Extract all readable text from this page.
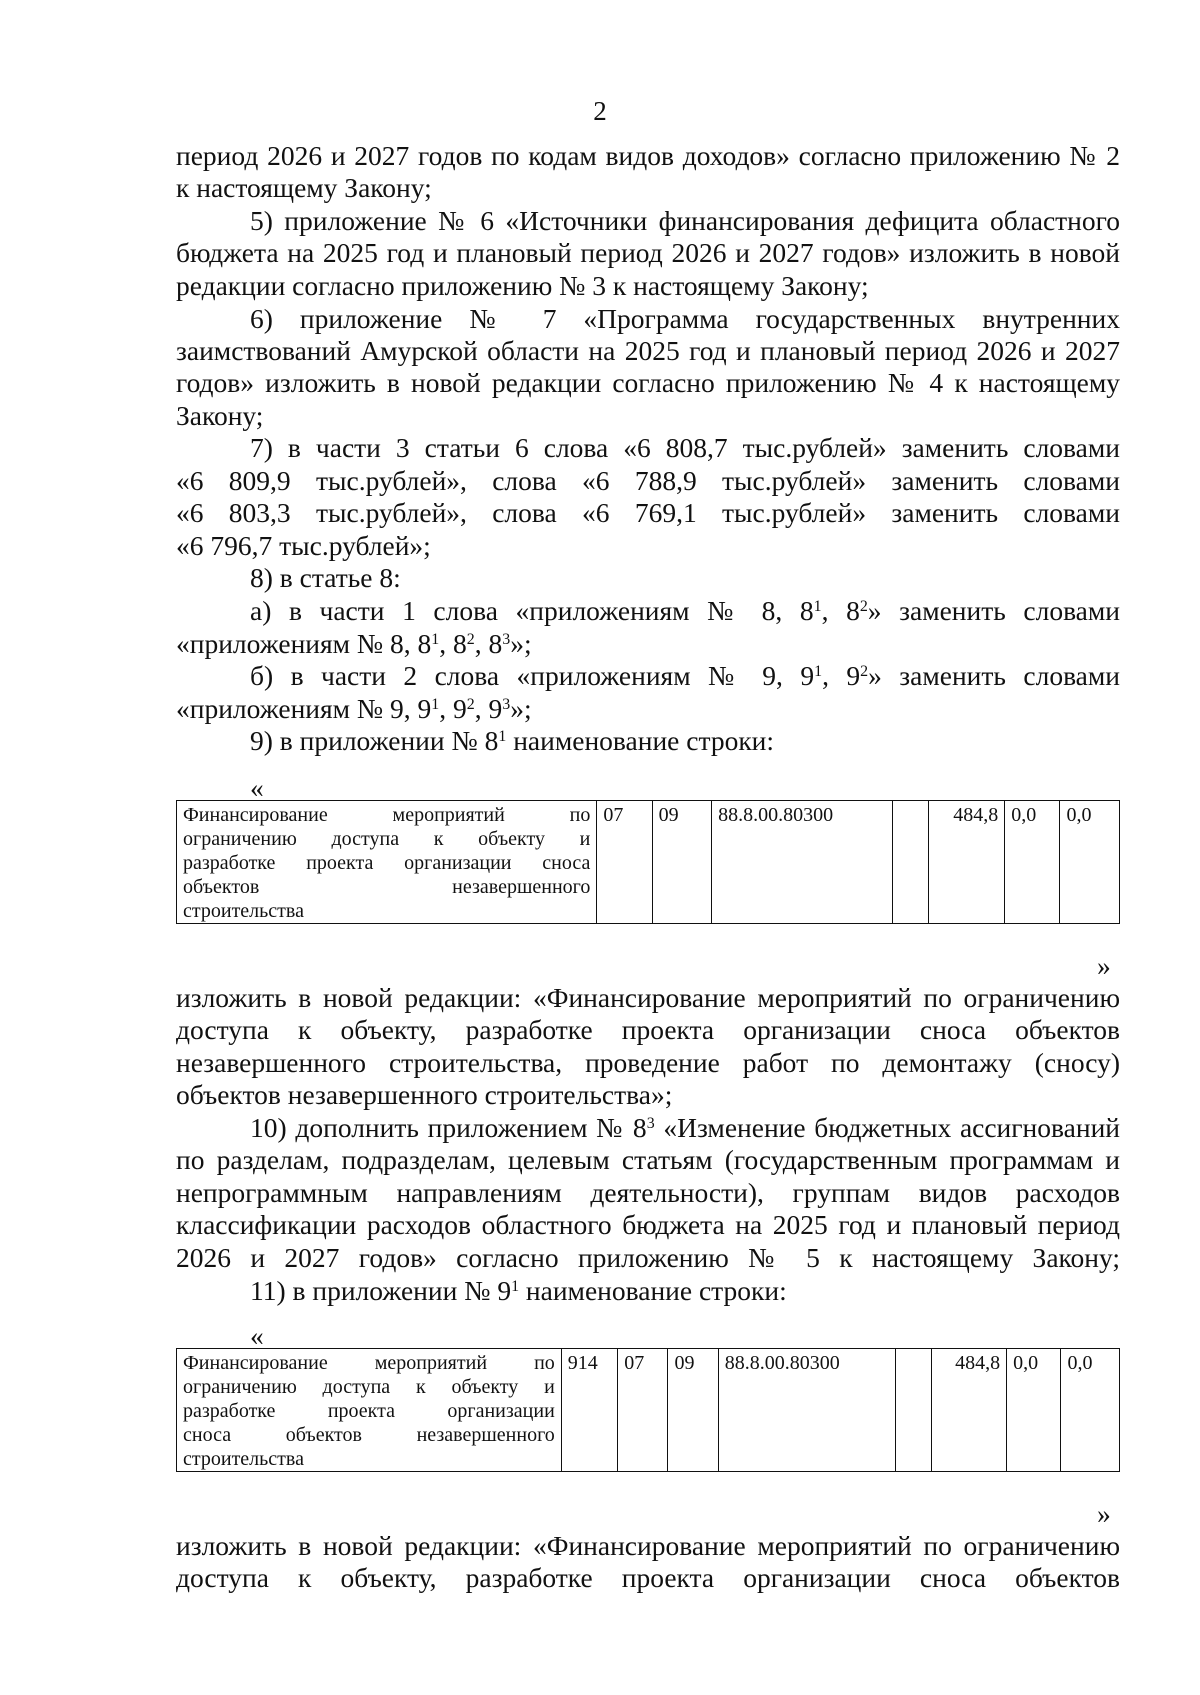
2
период 2026 и 2027 годов по кодам видов доходов» согласно приложению № 2
к настоящему Закону;
5) приложение № 6 «Источники финансирования дефицита областного
бюджета на 2025 год и плановый период 2026 и 2027 годов» изложить в новой
редакции согласно приложению № 3 к настоящему Закону;
6) приложение № 7 «Программа государственных внутренних
заимствований Амурской области на 2025 год и плановый период 2026 и 2027
годов» изложить в новой редакции согласно приложению № 4 к настоящему
Закону;
7) в части 3 статьи 6 слова «6 808,7 тыс.рублей» заменить словами
«6 809,9 тыс.рублей», слова «6 788,9 тыс.рублей» заменить словами
«6 803,3 тыс.рублей», слова «6 769,1 тыс.рублей» заменить словами
«6 796,7 тыс.рублей»;
8) в статье 8:
а) в части 1 слова «приложениям № 8, $8^1$, $8^2$» заменить словами
«приложениям № 8, $8^1$, $8^2$, $8^3$»;
б) в части 2 слова «приложениям № 9, $9^1$, $9^2$» заменить словами
«приложениям № 9, $9^1$, $9^2$, $9^3$»;
9) в приложении № $8^1$ наименование строки:
«
Финансирование мероприятий по
ограничению доступа к объекту и
разработке проекта организации сноса
объектов незавершенного
строительства
	07	09	88.8.00.80300		484,8	0,0	0,0
»
изложить в новой редакции: «Финансирование мероприятий по ограничению
доступа к объекту, разработке проекта организации сноса объектов
незавершенного строительства, проведение работ по демонтажу (сносу)
объектов незавершенного строительства»;
10) дополнить приложением № $8^3$ «Изменение бюджетных ассигнований
по разделам, подразделам, целевым статьям (государственным программам и
непрограммным направлениям деятельности), группам видов расходов
классификации расходов областного бюджета на 2025 год и плановый период
2026 и 2027 годов» согласно приложению № 5 к настоящему Закону;
11) в приложении № $9^1$ наименование строки:
«
Финансирование мероприятий по
ограничению доступа к объекту и
разработке проекта организации
сноса объектов незавершенного
строительства
	914	07	09	88.8.00.80300		484,8	0,0	0,0
»
изложить в новой редакции: «Финансирование мероприятий по ограничению
доступа к объекту, разработке проекта организации сноса объектов
